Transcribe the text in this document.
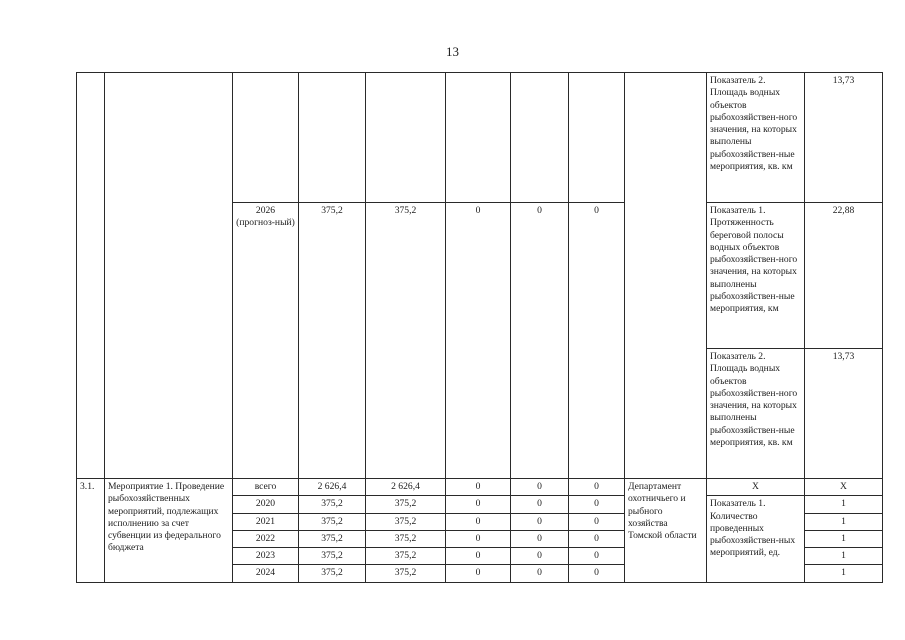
13
									Показатель 2. Площадь водных объектов рыбохозяйствен-ного значения, на которых выполены рыбохозяйствен-ные мероприятия, кв. км	13,73
		2026 (прогноз-ный)	375,2	375,2	0	0	0		Показатель 1. Протяженность береговой полосы водных объектов рыбохозяйствен-ного значения, на которых выполнены рыбохозяйствен-ные мероприятия, км	22,88
									Показатель 2. Площадь водных объектов рыбохозяйствен-ного значения, на которых выполнены рыбохозяйствен-ные мероприятия, кв. км	13,73
3.1.	Мероприятие 1. Проведение рыбохозяйственных мероприятий, подлежащих исполнению за счет субвенции из федерального бюджета	всего	2 626,4	2 626,4	0	0	0	Департамент охотничьего и рыбного хозяйства Томской области	X	X
		2020	375,2	375,2	0	0	0		Показатель 1. Количество проведенных рыбохозяйствен-ных мероприятий, ед.	1
		2021	375,2	375,2	0	0	0			1
		2022	375,2	375,2	0	0	0			1
		2023	375,2	375,2	0	0	0			1
		2024	375,2	375,2	0	0	0			1
